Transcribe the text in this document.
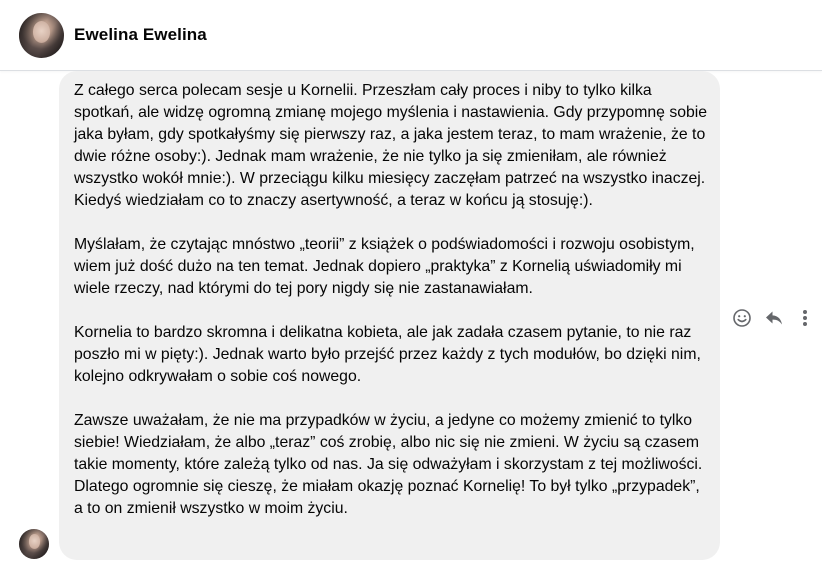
Ewelina Ewelina

Z całego serca polecam sesje u Kornelii. Przeszłam cały proces i niby to tylko kilka spotkań, ale widzę ogromną zmianę mojego myślenia i nastawienia. Gdy przypomnę sobie jaka byłam, gdy spotkałyśmy się pierwszy raz, a jaka jestem teraz, to mam wrażenie, że to dwie różne osoby:). Jednak mam wrażenie, że nie tylko ja się zmieniłam, ale również wszystko wokół mnie:). W przeciągu kilku miesięcy zaczęłam patrzeć na wszystko inaczej. Kiedyś wiedziałam co to znaczy asertywność, a teraz w końcu ją stosuję:).

Myślałam, że czytając mnóstwo „teorii” z książek o podświadomości i rozwoju osobistym, wiem już dość dużo na ten temat. Jednak dopiero „praktyka” z Kornelią uświadomiły mi wiele rzeczy, nad którymi do tej pory nigdy się nie zastanawiałam.

Kornelia to bardzo skromna i delikatna kobieta, ale jak zadała czasem pytanie, to nie raz poszło mi w pięty:). Jednak warto było przejść przez każdy z tych modułów, bo dzięki nim, kolejno odkrywałam o sobie coś nowego.

Zawsze uważałam, że nie ma przypadków w życiu, a jedyne co możemy zmienić to tylko siebie! Wiedziałam, że albo „teraz” coś zrobię, albo nic się nie zmieni. W życiu są czasem takie momenty, które zależą tylko od nas. Ja się odważyłam i skorzystam z tej możliwości. Dlatego ogromnie się cieszę, że miałam okazję poznać Kornelię! To był tylko „przypadek”, a to on zmienił wszystko w moim życiu.
